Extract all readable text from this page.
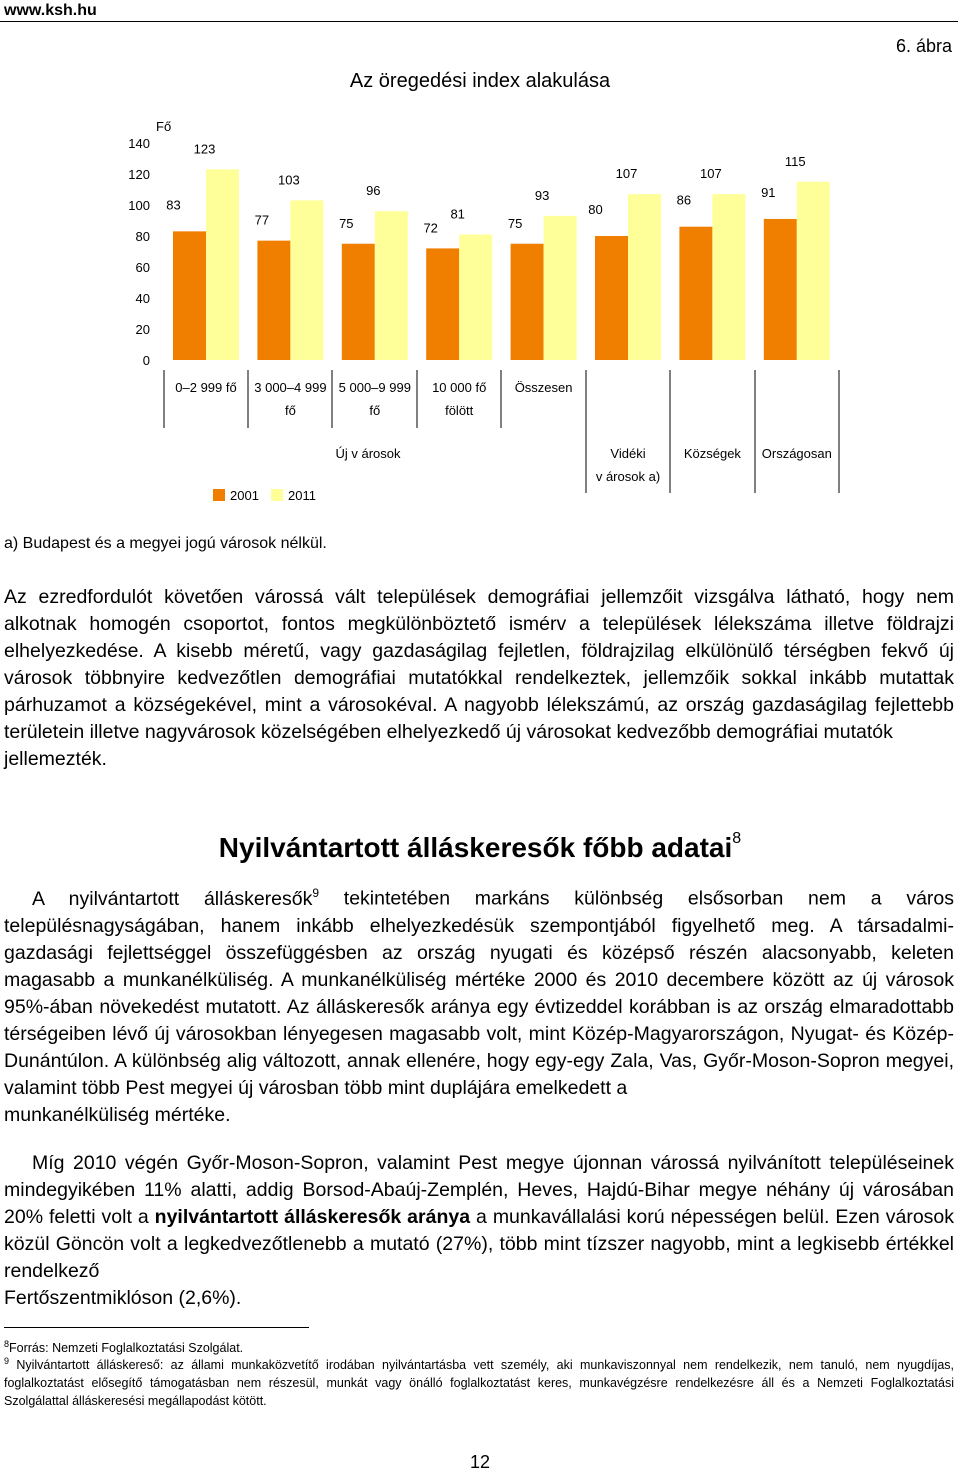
www.ksh.hu
6. ábra
Az öregedési index alakulása
Fő
0
20
40
60
80
100
120
140
83
77	75	72	75
80
86
91
123
103
96
81
93
107	107
115
0–2 999 fő 3 000–4 999
fő
5 000–9 999
fő
10 000 fő
fölött
Összesen
Vidéki
v árosok a)
Községek Országosan
Új v árosok
2001 2011
a) Budapest és a megyei jogú városok nélkül.

Az ezredfordulót követően várossá vált települések demográfiai jellemzőit vizsgálva látható, hogy nem alkotnak homogén csoportot, fontos megkülönböztető ismérv a települések lélekszáma illetve földrajzi elhelyezkedése. A kisebb méretű, vagy gazdaságilag fejletlen, földrajzilag elkülönülő térségben fekvő új városok többnyire kedvezőtlen demográfiai mutatókkal rendelkeztek, jellemzőik sokkal inkább mutattak párhuzamot a községekével, mint a városokéval. A nagyobb lélekszámú, az ország gazdaságilag fejlettebb területein illetve nagyvárosok közelségében elhelyezkedő új városokat kedvezőbb demográfiai mutatók
jellemezték.

Nyilvántartott álláskeresők főbb adatai$^8$

A nyilvántartott álláskeresők$^9$ tekintetében markáns különbség elsősorban nem a város településnagyságában, hanem inkább elhelyezkedésük szempontjából figyelhető meg. A társadalmi-gazdasági fejlettséggel összefüggésben az ország nyugati és középső részén alacsonyabb, keleten magasabb a munkanélküliség. A munkanélküliség mértéke 2000 és 2010 decembere között az új városok 95%-ában növekedést mutatott. Az álláskeresők aránya egy évtizeddel korábban is az ország elmaradottabb térségeiben lévő új városokban lényegesen magasabb volt, mint Közép-Magyarországon, Nyugat- és Közép-Dunántúlon. A különbség alig változott, annak ellenére, hogy egy-egy Zala, Vas, Győr-Moson-Sopron megyei, valamint több Pest megyei új városban több mint duplájára emelkedett a
munkanélküliség mértéke.

Míg 2010 végén Győr-Moson-Sopron, valamint Pest megye újonnan várossá nyilvánított településeinek mindegyikében 11% alatti, addig Borsod-Abaúj-Zemplén, Heves, Hajdú-Bihar megye néhány új városában 20% feletti volt a nyilvántartott álláskeresők aránya a munkavállalási korú népességen belül. Ezen városok közül Göncön volt a legkedvezőtlenebb a mutató (27%), több mint tízszer nagyobb, mint a legkisebb értékkel rendelkező
Fertőszentmiklóson (2,6%).

$^8$Forrás: Nemzeti Foglalkoztatási Szolgálat.

$^9$ Nyilvántartott álláskereső: az állami munkaközvetítő irodában nyilvántartásba vett személy, aki munkaviszonnyal nem rendelkezik, nem tanuló, nem nyugdíjas, foglalkoztatást elősegítő támogatásban nem részesül, munkát vagy önálló foglalkoztatást keres, munkavégzésre rendelkezésre áll és a Nemzeti Foglalkoztatási Szolgálattal álláskeresési megállapodást kötött.

12
